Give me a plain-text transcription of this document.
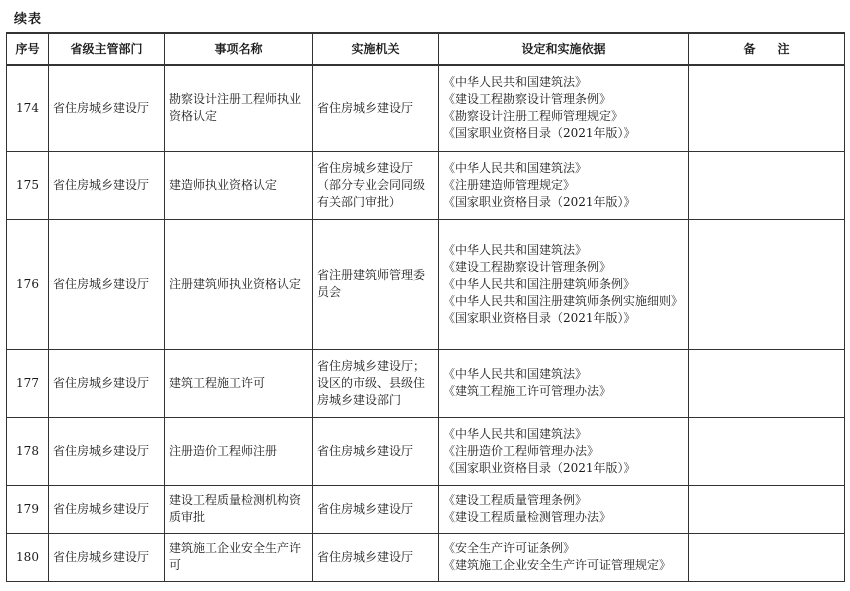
续表
序号	省级主管部门	事项名称	实施机关	设定和实施依据	备 注
174	省住房城乡建设厅	勘察设计注册工程师执业资格认定	省住房城乡建设厅	《中华人民共和国建筑法》
《建设工程勘察设计管理条例》
《勘察设计注册工程师管理规定》
《国家职业资格目录（2021年版）》	

175	省住房城乡建设厅	建造师执业资格认定	省住房城乡建设厅（部分专业会同同级有关部门审批）	《中华人民共和国建筑法》
《注册建造师管理规定》
《国家职业资格目录（2021年版）》	

176	省住房城乡建设厅	注册建筑师执业资格认定	省注册建筑师管理委员会	《中华人民共和国建筑法》
《建设工程勘察设计管理条例》
《中华人民共和国注册建筑师条例》
《中华人民共和国注册建筑师条例实施细则》
《国家职业资格目录（2021年版）》	

177	省住房城乡建设厅	建筑工程施工许可	省住房城乡建设厅；设区的市级、县级住房城乡建设部门	《中华人民共和国建筑法》
《建筑工程施工许可管理办法》	

178	省住房城乡建设厅	注册造价工程师注册	省住房城乡建设厅	《中华人民共和国建筑法》
《注册造价工程师管理办法》
《国家职业资格目录（2021年版）》	

179	省住房城乡建设厅	建设工程质量检测机构资质审批	省住房城乡建设厅	《建设工程质量管理条例》
《建设工程质量检测管理办法》	

180	省住房城乡建设厅	建筑施工企业安全生产许可	省住房城乡建设厅	《安全生产许可证条例》
《建筑施工企业安全生产许可证管理规定》	
